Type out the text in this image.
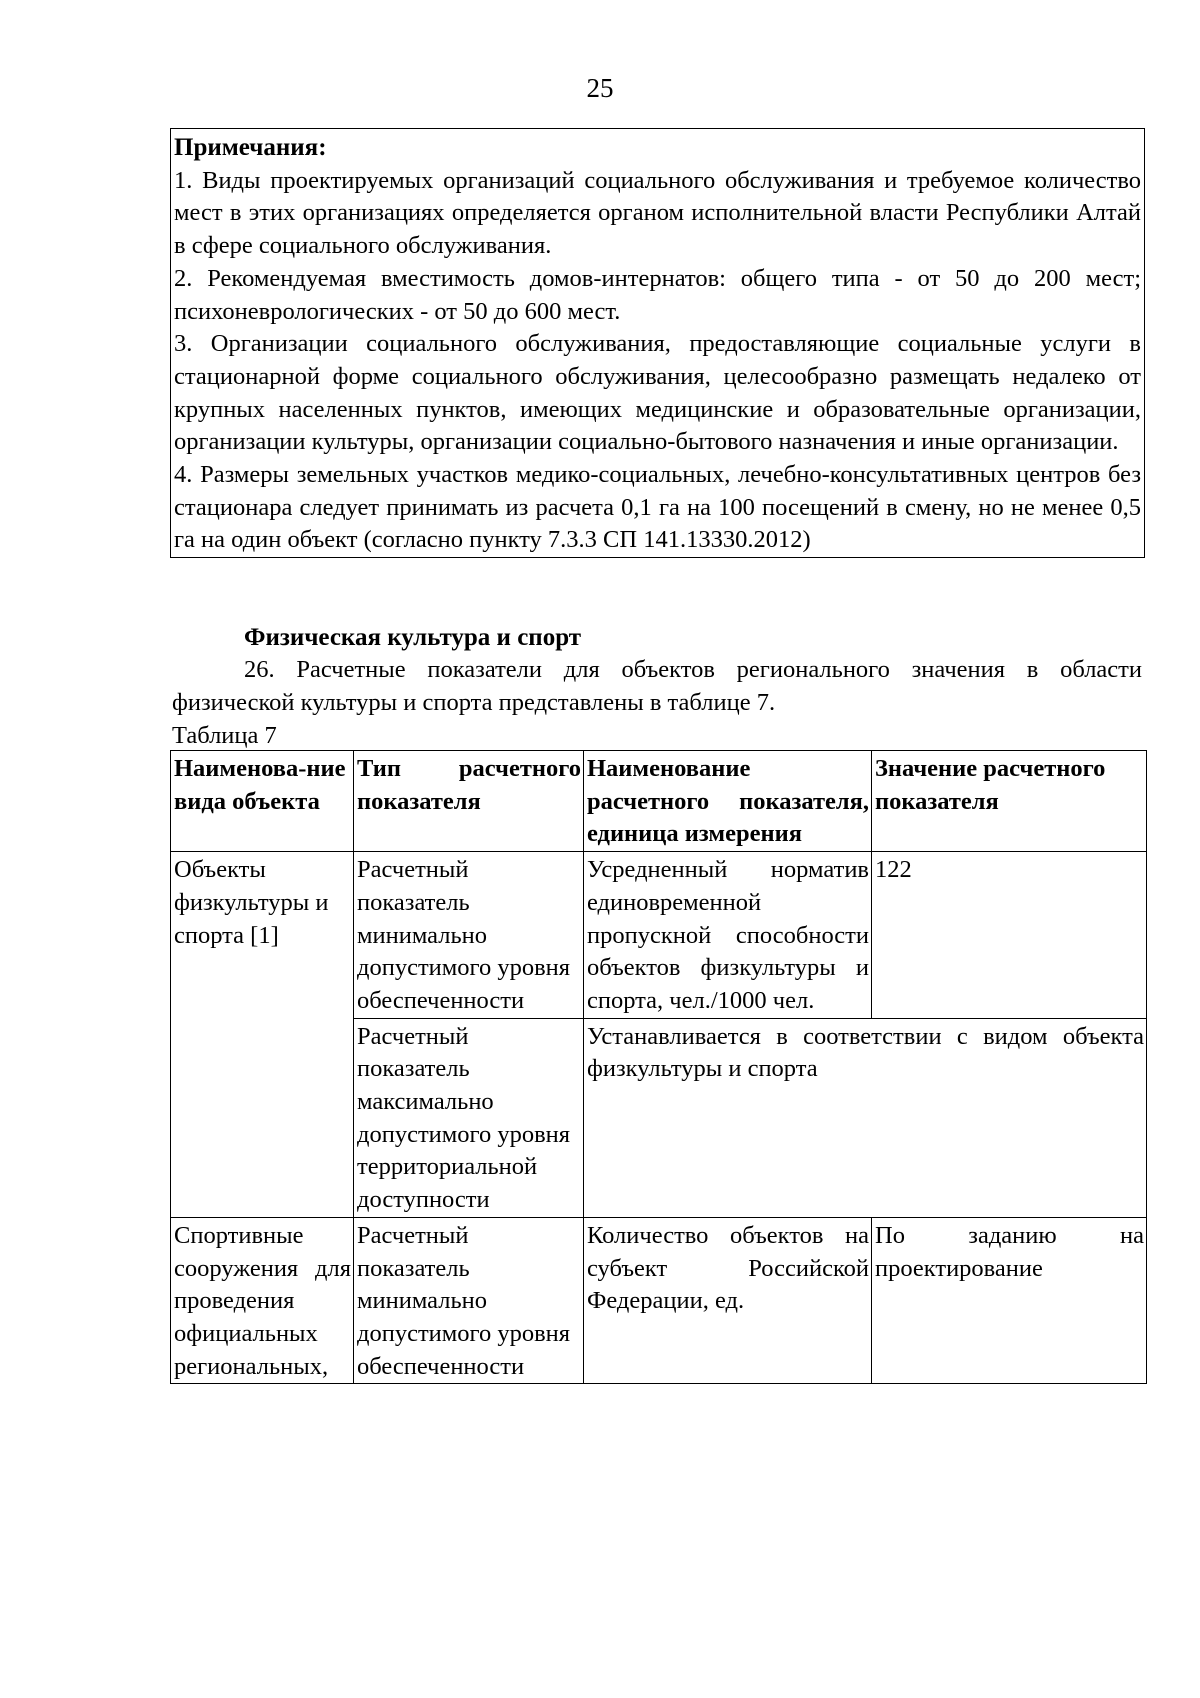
25
Примечания:
1. Виды проектируемых организаций социального обслуживания и требуемое количество мест в этих организациях определяется органом исполнительной власти Республики Алтай в сфере социального обслуживания.
2. Рекомендуемая вместимость домов-интернатов: общего типа - от 50 до 200 мест; психоневрологических - от 50 до 600 мест.
3. Организации социального обслуживания, предоставляющие социальные услуги в стационарной форме социального обслуживания, целесообразно размещать недалеко от крупных населенных пунктов, имеющих медицинские и образовательные организации, организации культуры, организации социально-бытового назначения и иные организации.
4. Размеры земельных участков медико-социальных, лечебно-консультативных центров без стационара следует принимать из расчета 0,1 га на 100 посещений в смену, но не менее 0,5 га на один объект (согласно пункту 7.3.3 СП 141.13330.2012)
Физическая культура и спорт
26. Расчетные показатели для объектов регионального значения в области физической культуры и спорта представлены в таблице 7.
Таблица 7
Наименова-ние вида объекта	Тип расчетного показателя	Наименование расчетного показателя, единица измерения	Значение расчетного показателя
Объекты физкультуры и спорта [1]	Расчетный показатель минимально допустимого уровня обеспеченности	Усредненный норматив единовременной пропускной способности объектов физкультуры и спорта, чел./1000 чел.	122
	Расчетный показатель максимально допустимого уровня территориальной доступности	Устанавливается в соответствии с видом объекта физкультуры и спорта	
Спортивные сооружения для проведения официальных региональных,	Расчетный показатель минимально допустимого уровня обеспеченности	Количество объектов на субъект Российской Федерации, ед.	По заданию на проектирование
